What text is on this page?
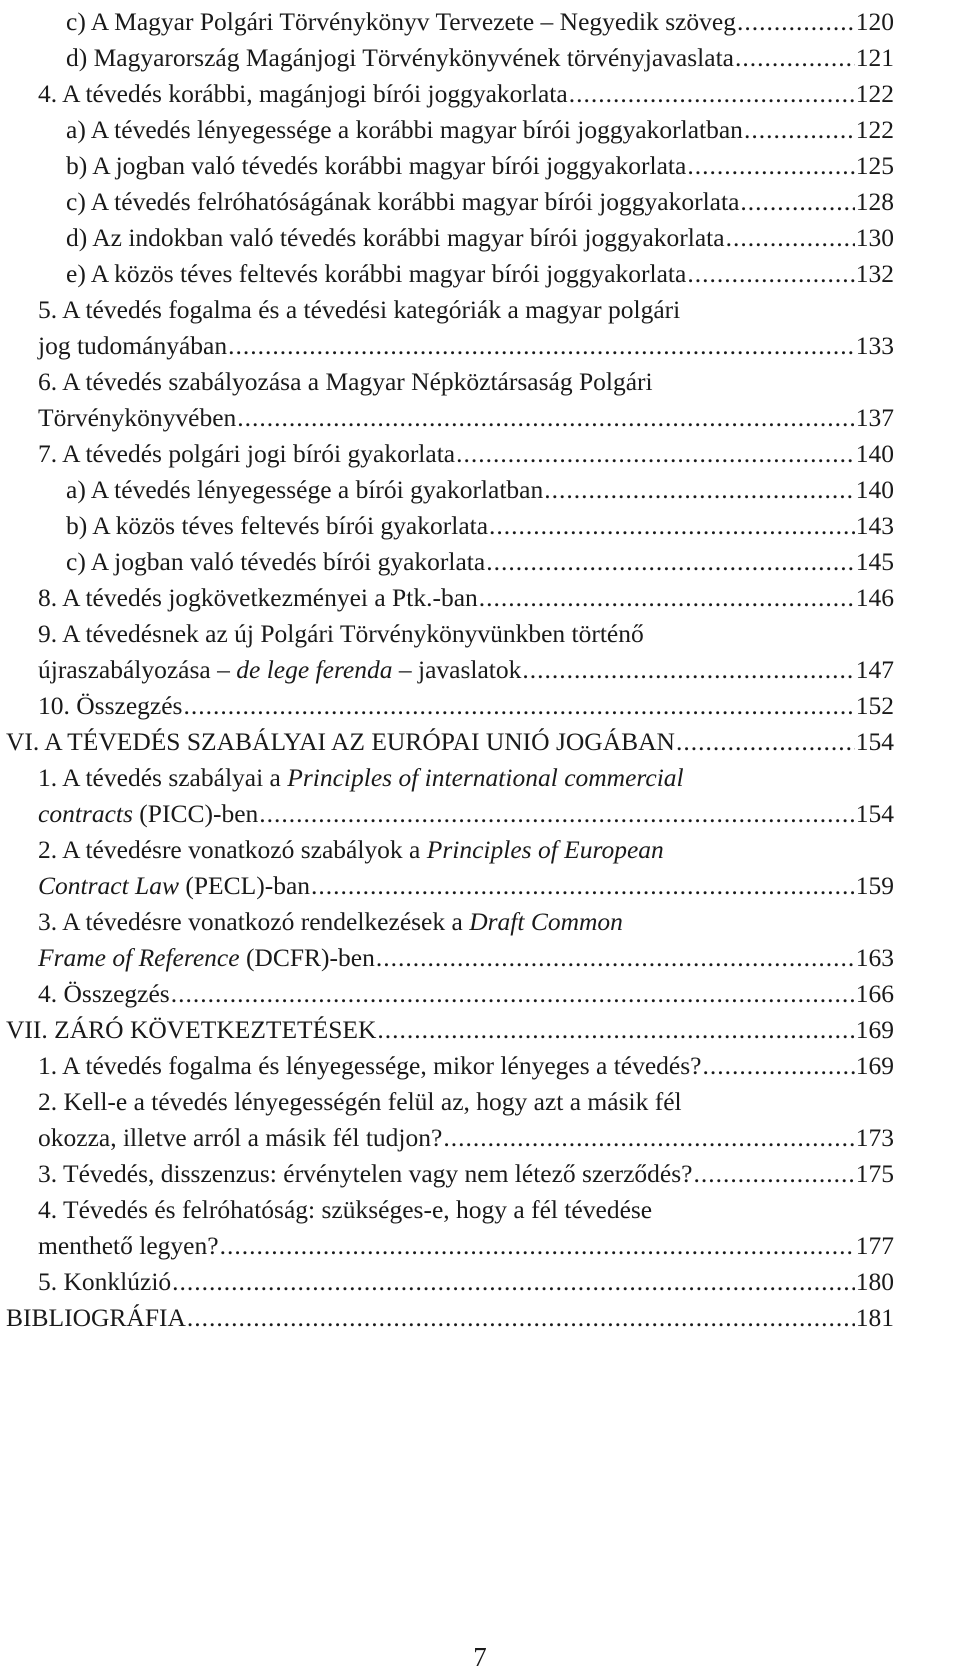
c) A Magyar Polgári Törvénykönyv Tervezete – Negyedik szöveg .....	120
d) Magyarország Magánjogi Törvénykönyvének törvényjavaslata .....	121
4. A tévedés korábbi, magánjogi bírói joggyakorlata .....	122
a) A tévedés lényegessége a korábbi magyar bírói joggyakorlatban .....	122
b) A jogban való tévedés korábbi magyar bírói joggyakorlata .....	125
c) A tévedés felróhatóságának korábbi magyar bírói joggyakorlata .....	128
d) Az indokban való tévedés korábbi magyar bírói joggyakorlata .....	130
e) A közös téves feltevés korábbi magyar bírói joggyakorlata .....	132
5. A tévedés fogalma és a tévedési kategóriák a magyar polgári
jog tudományában .....	133
6. A tévedés szabályozása a Magyar Népköztársaság Polgári
Törvénykönyvében .....	137
7. A tévedés polgári jogi bírói gyakorlata .....	140
a) A tévedés lényegessége a bírói gyakorlatban .....	140
b) A közös téves feltevés bírói gyakorlata .....	143
c) A jogban való tévedés bírói gyakorlata .....	145
8. A tévedés jogkövetkezményei a Ptk.-ban .....	146
9. A tévedésnek az új Polgári Törvénykönyvünkben történő
újraszabályozása – de lege ferenda – javaslatok .....	147
10. Összegzés .....	152
VI. A TÉVEDÉS SZABÁLYAI AZ EURÓPAI UNIÓ JOGÁBAN .....	154
1. A tévedés szabályai a Principles of international commercial
contracts (PICC)-ben .....	154
2. A tévedésre vonatkozó szabályok a Principles of European
Contract Law (PECL)-ban .....	159
3. A tévedésre vonatkozó rendelkezések a Draft Common
Frame of Reference (DCFR)-ben .....	163
4. Összegzés .....	166
VII. ZÁRÓ KÖVETKEZTETÉSEK .....	169
1. A tévedés fogalma és lényegessége, mikor lényeges a tévedés? .....	169
2. Kell-e a tévedés lényegességén felül az, hogy azt a másik fél
okozza, illetve arról a másik fél tudjon? .....	173
3. Tévedés, disszenzus: érvénytelen vagy nem létező szerződés? .....	175
4. Tévedés és felróhatóság: szükséges-e, hogy a fél tévedése
menthető legyen? .....	177
5. Konklúzió .....	180
BIBLIOGRÁFIA .....	181
7
